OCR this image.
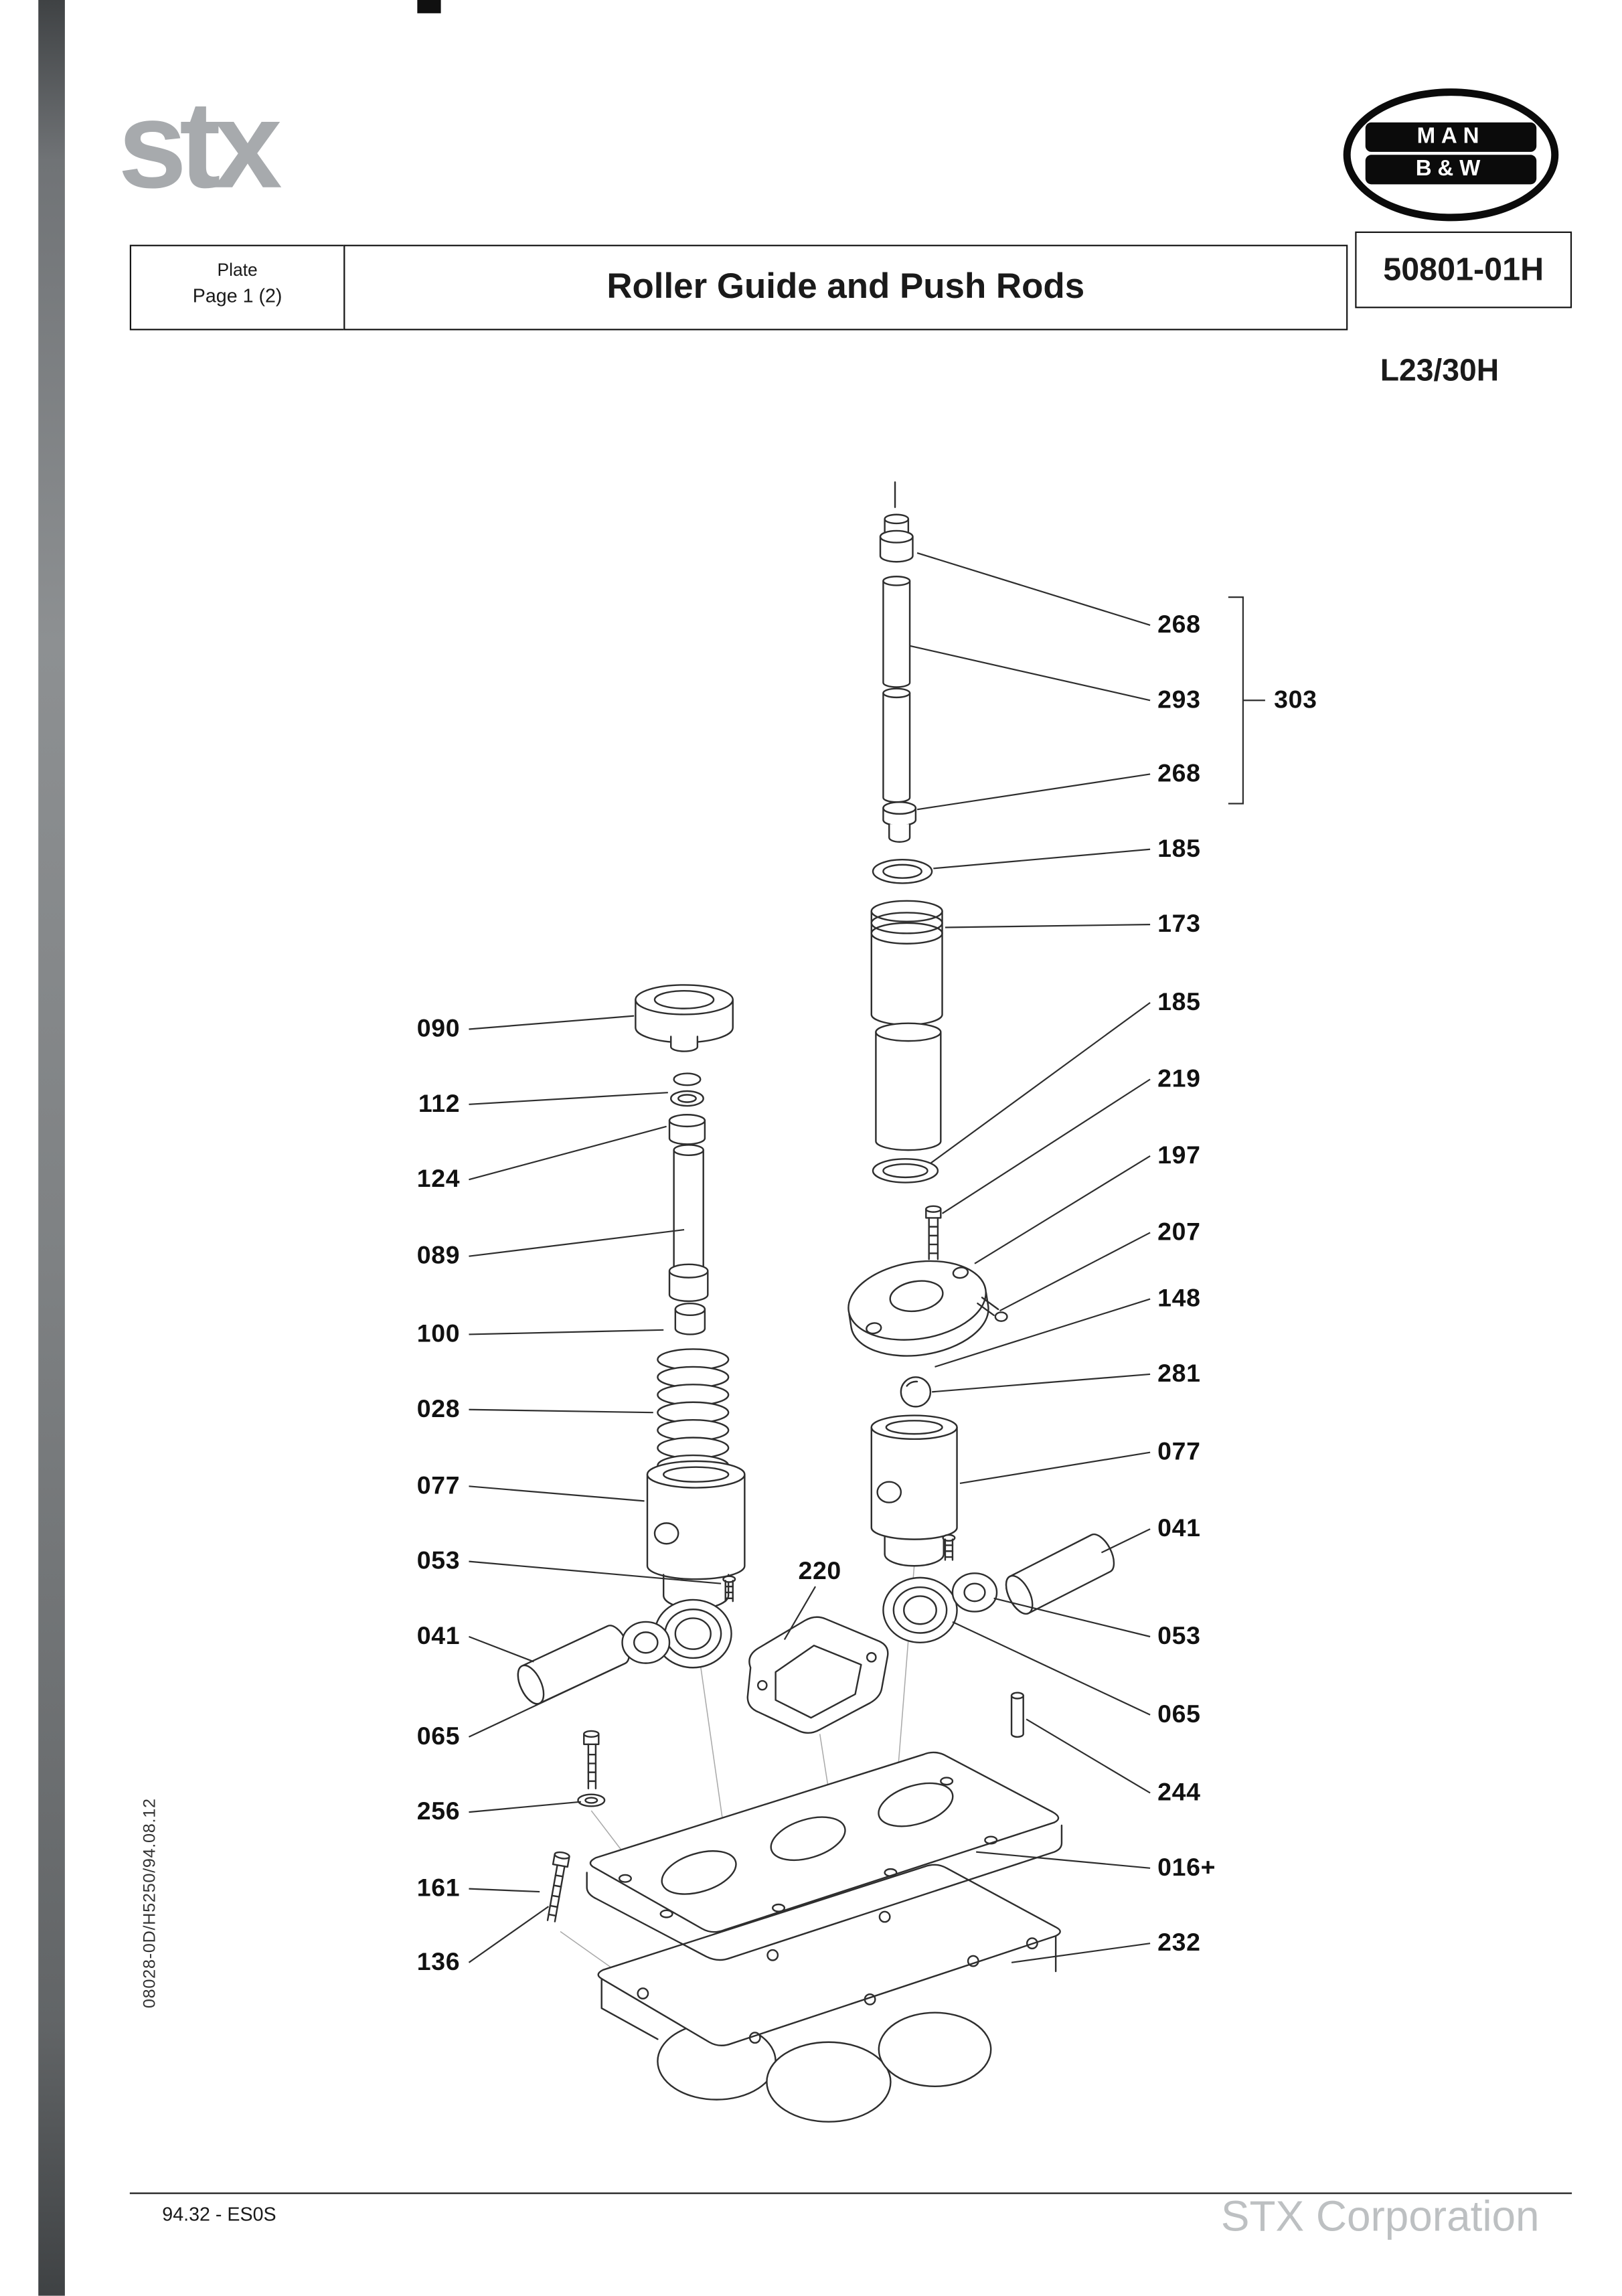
stx	MAN
B&W
Plate
Page 1 (2)	Roller Guide and Push Rods	50801-01H
L23/30H
268
293
268
303
185
173
185
219
197
207
148
281
077
041
053
065
244
016+
232
090
112
124
089
100
028
077
053
041
065
256
161
136
220
08028-0D/H5250/94.08.12
94.32 - ES0S	STX Corporation
